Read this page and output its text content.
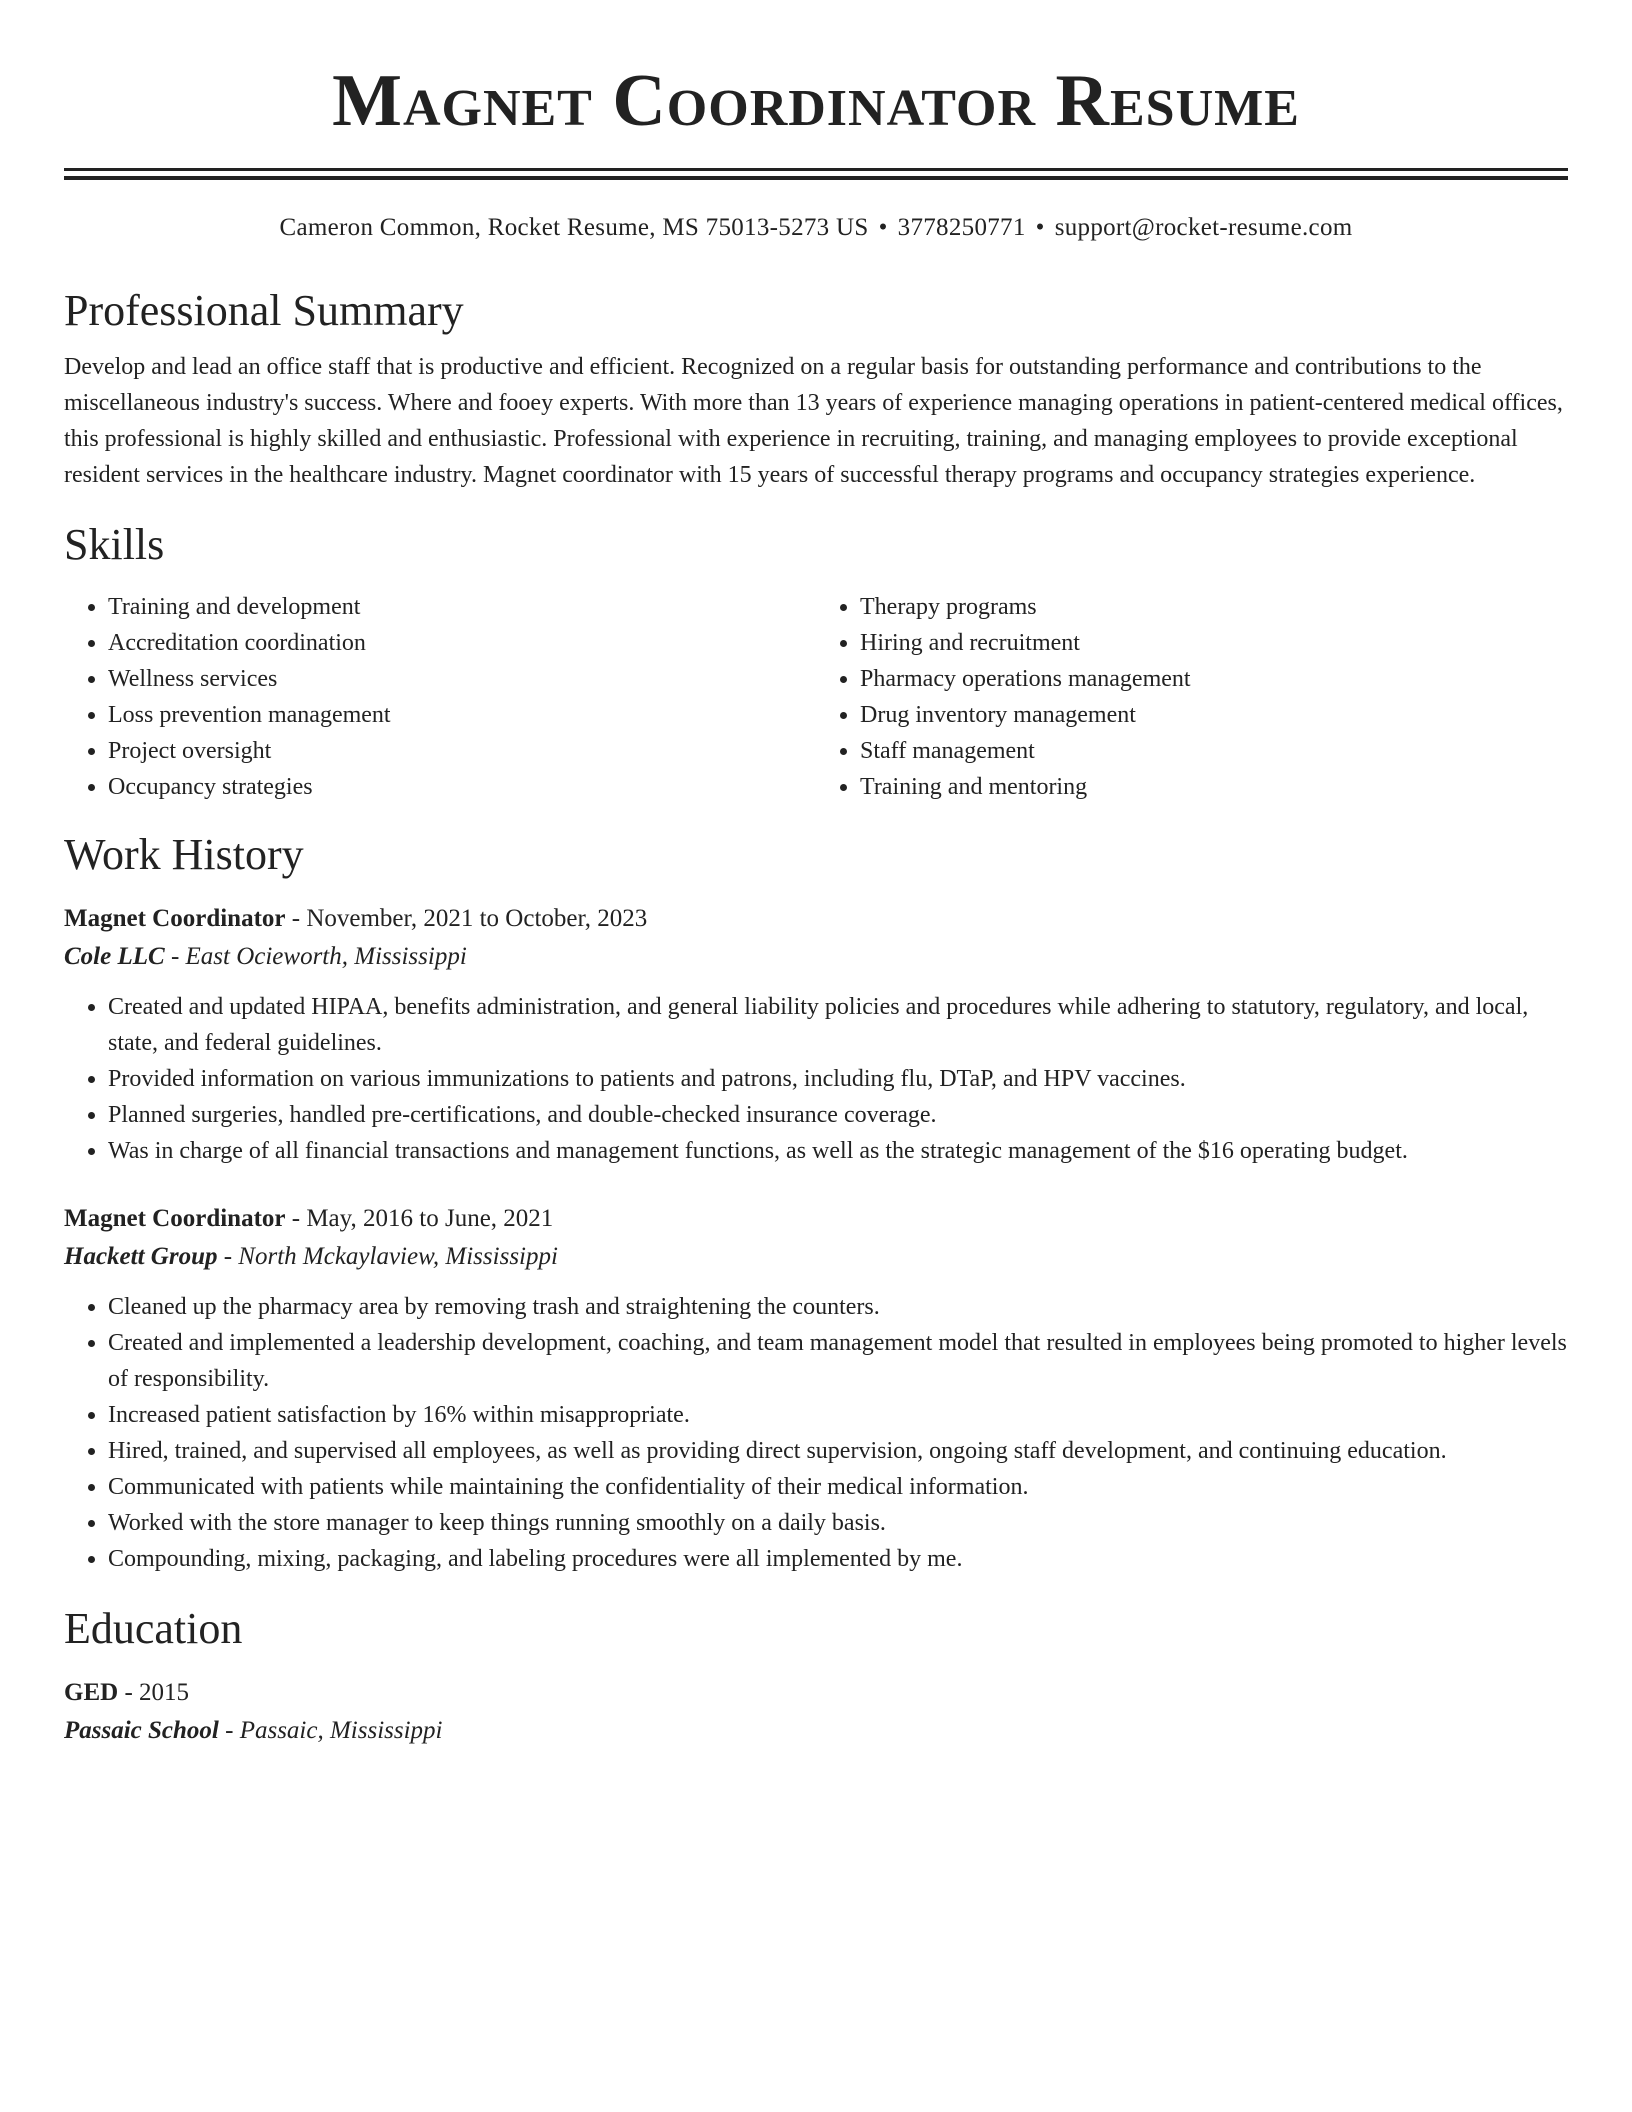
Magnet Coordinator Resume
Cameron Common, Rocket Resume, MS 75013-5273 US • 3778250771 • support@rocket-resume.com
Professional Summary

Develop and lead an office staff that is productive and efficient. Recognized on a regular basis for outstanding performance and contributions to the miscellaneous industry's success. Where and fooey experts. With more than 13 years of experience managing operations in patient-centered medical offices, this professional is highly skilled and enthusiastic. Professional with experience in recruiting, training, and managing employees to provide exceptional resident services in the healthcare industry. Magnet coordinator with 15 years of successful therapy programs and occupancy strategies experience.

Skills
• Training and development
• Accreditation coordination
• Wellness services
• Loss prevention management
• Project oversight
• Occupancy strategies
• Therapy programs
• Hiring and recruitment
• Pharmacy operations management
• Drug inventory management
• Staff management
• Training and mentoring
Work History
Magnet Coordinator - November, 2021 to October, 2023
Cole LLC - East Ocieworth, Mississippi
• Created and updated HIPAA, benefits administration, and general liability policies and procedures while adhering to statutory, regulatory, and local, state, and federal guidelines.
• Provided information on various immunizations to patients and patrons, including flu, DTaP, and HPV vaccines.
• Planned surgeries, handled pre-certifications, and double-checked insurance coverage.
• Was in charge of all financial transactions and management functions, as well as the strategic management of the $16 operating budget.
Magnet Coordinator - May, 2016 to June, 2021
Hackett Group - North Mckaylaview, Mississippi
• Cleaned up the pharmacy area by removing trash and straightening the counters.
• Created and implemented a leadership development, coaching, and team management model that resulted in employees being promoted to higher levels of responsibility.
• Increased patient satisfaction by 16% within misappropriate.
• Hired, trained, and supervised all employees, as well as providing direct supervision, ongoing staff development, and continuing education.
• Communicated with patients while maintaining the confidentiality of their medical information.
• Worked with the store manager to keep things running smoothly on a daily basis.
• Compounding, mixing, packaging, and labeling procedures were all implemented by me.
Education
GED - 2015
Passaic School - Passaic, Mississippi
